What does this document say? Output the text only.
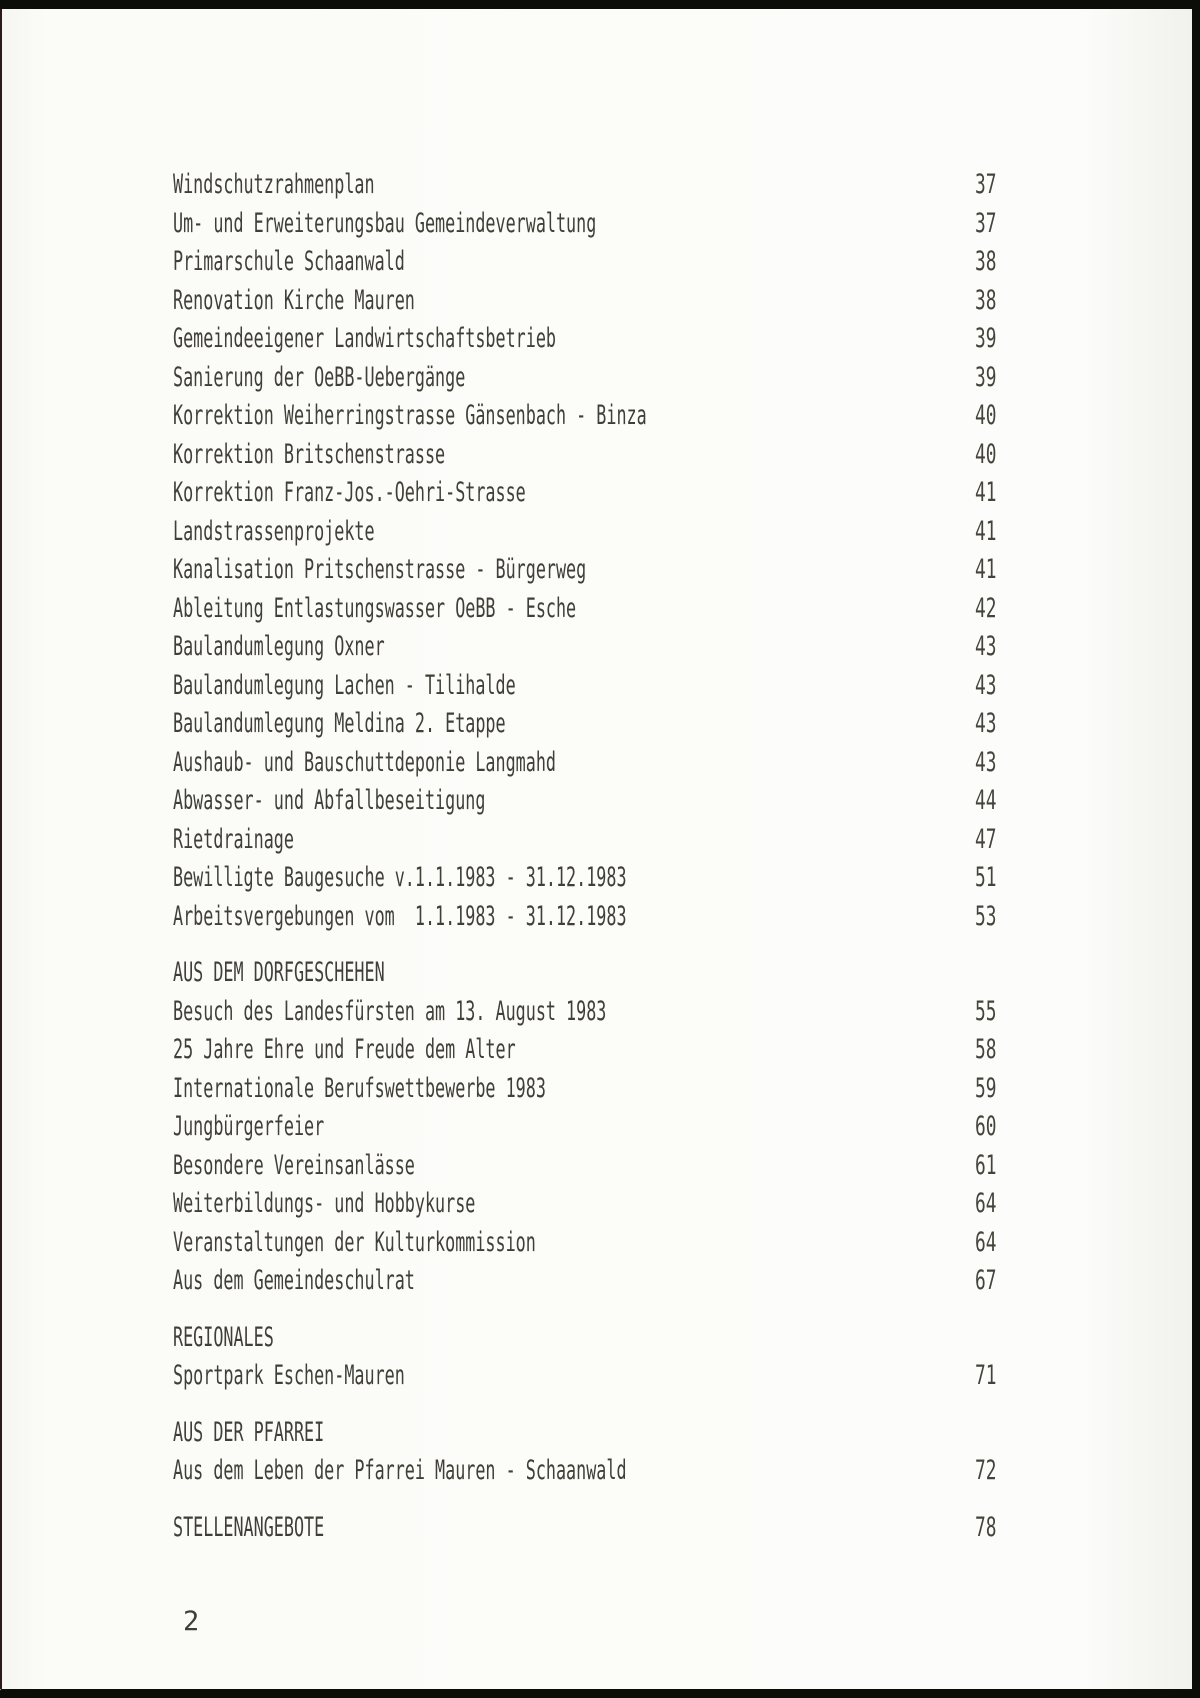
Windschutzrahmenplan	37
Um- und Erweiterungsbau Gemeindeverwaltung	37
Primarschule Schaanwald	38
Renovation Kirche Mauren	38
Gemeindeeigener Landwirtschaftsbetrieb	39
Sanierung der OeBB-Uebergänge	39
Korrektion Weiherringstrasse Gänsenbach - Binza	40
Korrektion Britschenstrasse	40
Korrektion Franz-Jos.-Oehri-Strasse	41
Landstrassenprojekte	41
Kanalisation Pritschenstrasse - Bürgerweg	41
Ableitung Entlastungswasser OeBB - Esche	42
Baulandumlegung Oxner	43
Baulandumlegung Lachen - Tilihalde	43
Baulandumlegung Meldina 2. Etappe	43
Aushaub- und Bauschuttdeponie Langmahd	43
Abwasser- und Abfallbeseitigung	44
Rietdrainage	47
Bewilligte Baugesuche v.1.1.1983 - 31.12.1983	51
Arbeitsvergebungen vom  1.1.1983 - 31.12.1983	53
AUS DEM DORFGESCHEHEN
Besuch des Landesfürsten am 13. August 1983	55
25 Jahre Ehre und Freude dem Alter	58
Internationale Berufswettbewerbe 1983	59
Jungbürgerfeier	60
Besondere Vereinsanlässe	61
Weiterbildungs- und Hobbykurse	64
Veranstaltungen der Kulturkommission	64
Aus dem Gemeindeschulrat	67
REGIONALES
Sportpark Eschen-Mauren	71
AUS DER PFARREI
Aus dem Leben der Pfarrei Mauren - Schaanwald	72
STELLENANGEBOTE	78
2
